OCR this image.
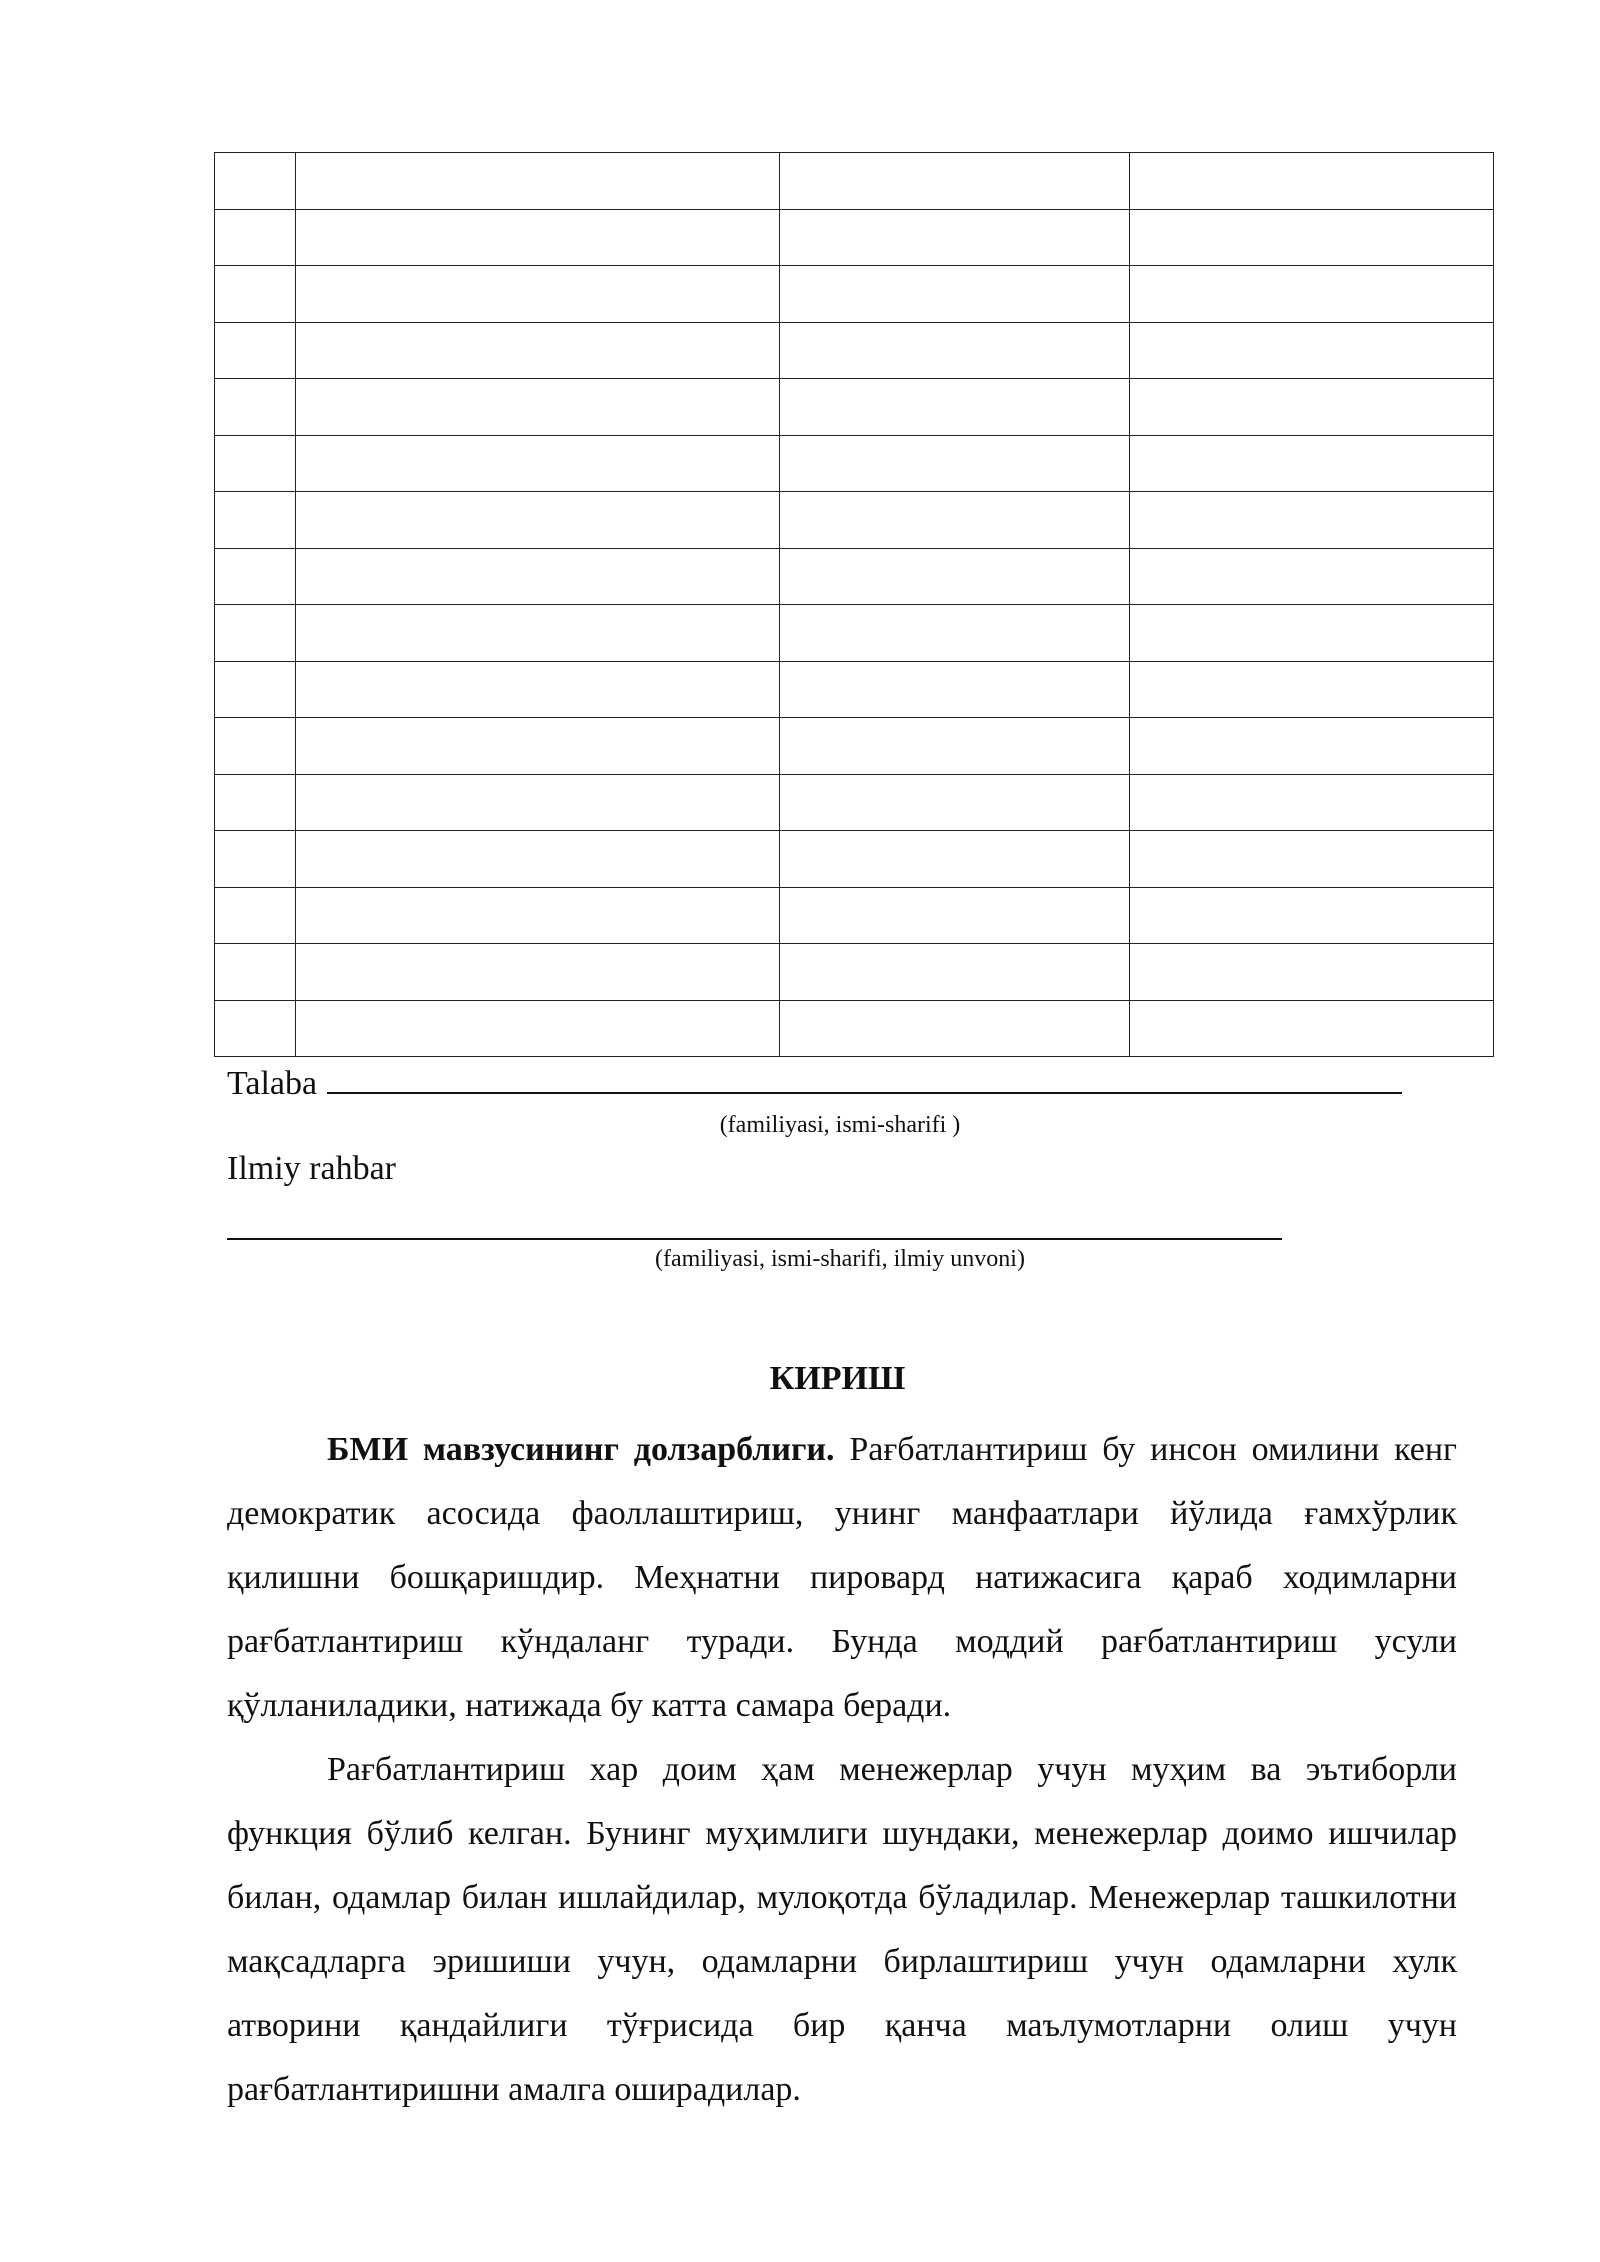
Talaba
(familiyasi, ismi-sharifi )
Ilmiy rahbar
(familiyasi, ismi-sharifi, ilmiy unvoni)
КИРИШ

БМИ мавзусининг долзарблиги. Рағбатлантириш бу инсон омилини кенг демократик асосида фаоллаштириш, унинг манфаатлари йўлида ғамхўрлик қилишни бошқаришдир. Меҳнатни пировард натижасига қараб ходимларни рағбатлантириш кўндаланг туради. Бунда моддий рағбатлантириш усули қўлланиладики, натижада бу катта самара беради.

Рағбатлантириш хар доим ҳам менежерлар учун муҳим ва эътиборли функция бўлиб келган. Бунинг муҳимлиги шундаки, менежерлар доимо ишчилар билан, одамлар билан ишлайдилар, мулоқотда бўладилар. Менежерлар ташкилотни мақсадларга эришиши учун, одамларни бирлаштириш учун одамларни хулк атворини қандайлиги тўғрисида бир қанча маълумотларни олиш учун рағбатлантиришни амалга оширадилар.
